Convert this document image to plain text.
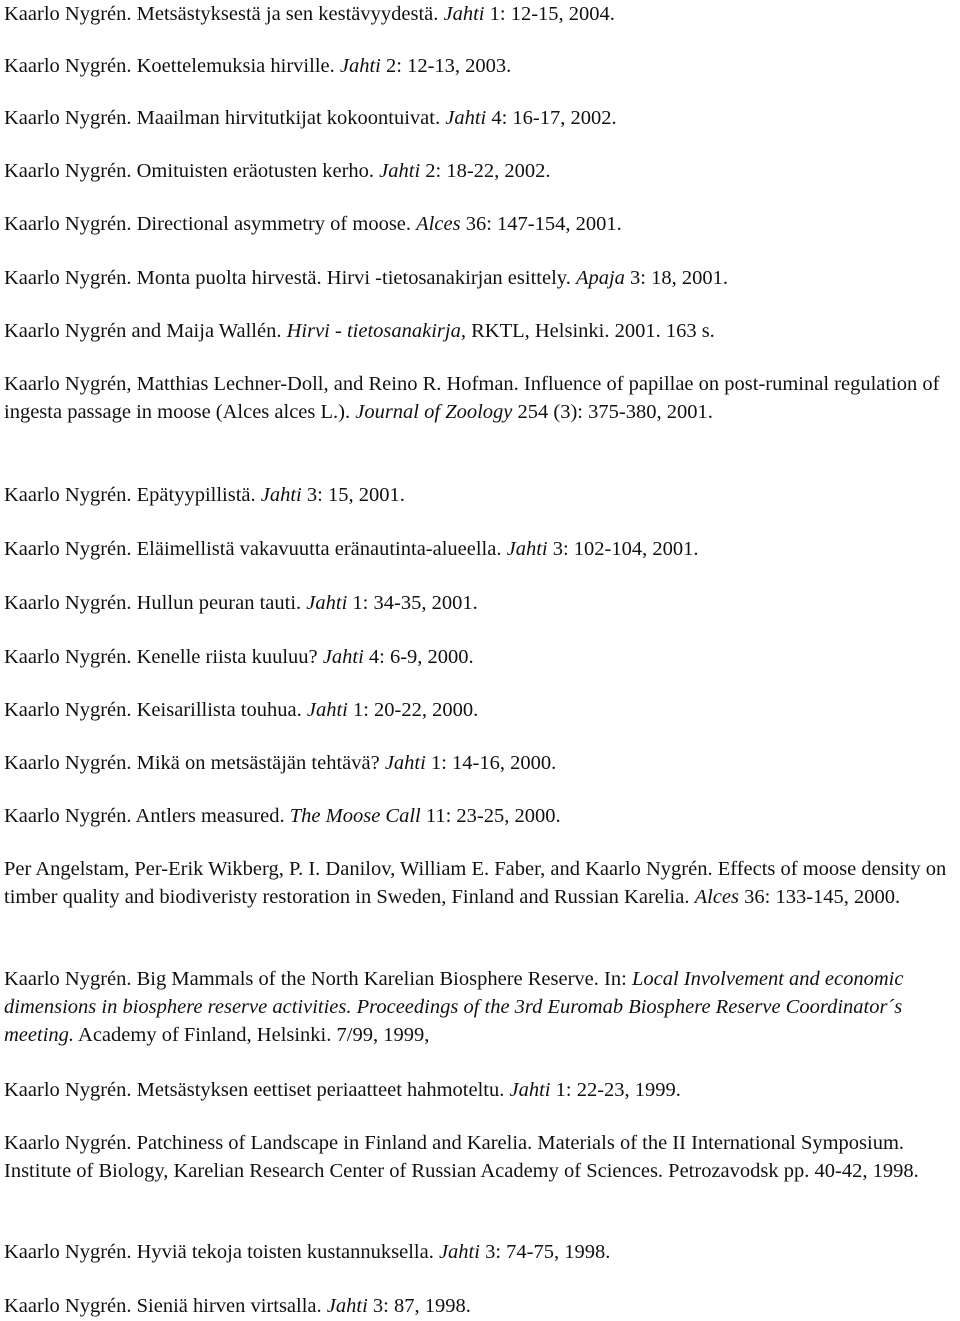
Kaarlo Nygrén. Metsästyksestä ja sen kestävyydestä. Jahti 1: 12-15, 2004.

Kaarlo Nygrén. Koettelemuksia hirville. Jahti 2: 12-13, 2003.

Kaarlo Nygrén. Maailman hirvitutkijat kokoontuivat. Jahti 4: 16-17, 2002.

Kaarlo Nygrén. Omituisten eräotusten kerho. Jahti 2: 18-22, 2002.

Kaarlo Nygrén. Directional asymmetry of moose. Alces 36: 147-154, 2001.

Kaarlo Nygrén. Monta puolta hirvestä. Hirvi -tietosanakirjan esittely. Apaja 3: 18, 2001.

Kaarlo Nygrén and Maija Wallén. Hirvi - tietosanakirja, RKTL, Helsinki. 2001. 163 s.

Kaarlo Nygrén, Matthias Lechner-Doll, and Reino R. Hofman. Influence of papillae on post-ruminal regulation of ingesta passage in moose (Alces alces L.). Journal of Zoology 254 (3): 375-380, 2001.

Kaarlo Nygrén. Epätyypillistä. Jahti 3: 15, 2001.

Kaarlo Nygrén. Eläimellistä vakavuutta eränautinta-alueella. Jahti 3: 102-104, 2001.

Kaarlo Nygrén. Hullun peuran tauti. Jahti 1: 34-35, 2001.

Kaarlo Nygrén. Kenelle riista kuuluu? Jahti 4: 6-9, 2000.

Kaarlo Nygrén. Keisarillista touhua. Jahti 1: 20-22, 2000.

Kaarlo Nygrén. Mikä on metsästäjän tehtävä? Jahti 1: 14-16, 2000.

Kaarlo Nygrén. Antlers measured. The Moose Call 11: 23-25, 2000.

Per Angelstam, Per-Erik Wikberg, P. I. Danilov, William E. Faber, and Kaarlo Nygrén. Effects of moose density on timber quality and biodiveristy restoration in Sweden, Finland and Russian Karelia. Alces 36: 133-145, 2000.

Kaarlo Nygrén. Big Mammals of the North Karelian Biosphere Reserve. In: Local Involvement and economic dimensions in biosphere reserve activities. Proceedings of the 3rd Euromab Biosphere Reserve Coordinator´s meeting. Academy of Finland, Helsinki. 7/99, 1999,

Kaarlo Nygrén. Metsästyksen eettiset periaatteet hahmoteltu. Jahti 1: 22-23, 1999.

Kaarlo Nygrén. Patchiness of Landscape in Finland and Karelia. Materials of the II International Symposium. Institute of Biology, Karelian Research Center of Russian Academy of Sciences. Petrozavodsk pp. 40-42, 1998.

Kaarlo Nygrén. Hyviä tekoja toisten kustannuksella. Jahti 3: 74-75, 1998.

Kaarlo Nygrén. Sieniä hirven virtsalla. Jahti 3: 87, 1998.
